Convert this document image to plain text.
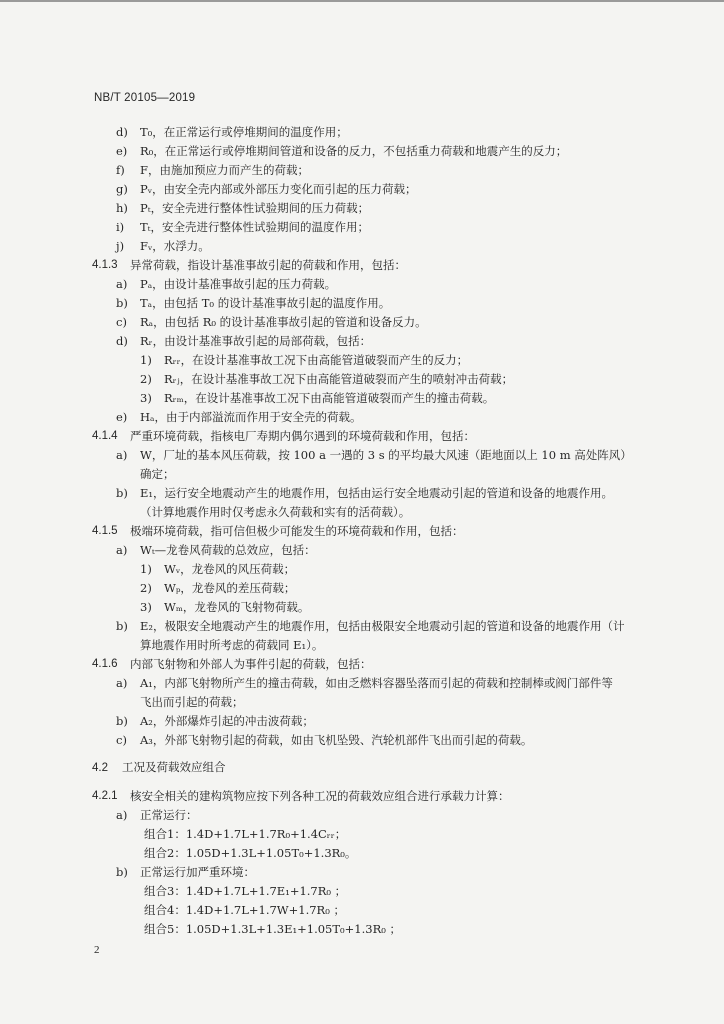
NB/T 20105—2019
d) T₀，在正常运行或停堆期间的温度作用；
e) R₀，在正常运行或停堆期间管道和设备的反力，不包括重力荷载和地震产生的反力；
f) F，由施加预应力而产生的荷载；
g) Pᵥ，由安全壳内部或外部压力变化而引起的压力荷载；
h) Pₜ，安全壳进行整体性试验期间的压力荷载；
i) Tₜ，安全壳进行整体性试验期间的温度作用；
j) Fᵥ，水浮力。
4.1.3 异常荷载，指设计基准事故引起的荷载和作用，包括：
a) Pₐ，由设计基准事故引起的压力荷载。
b) Tₐ，由包括 T₀ 的设计基准事故引起的温度作用。
c) Rₐ，由包括 R₀ 的设计基准事故引起的管道和设备反力。
d) Rᵣ，由设计基准事故引起的局部荷载，包括：
1) Rᵣᵣ，在设计基准事故工况下由高能管道破裂而产生的反力；
2) Rᵣⱼ，在设计基准事故工况下由高能管道破裂而产生的喷射冲击荷载；
3) Rᵣₘ，在设计基准事故工况下由高能管道破裂而产生的撞击荷载。
e) Hₐ，由于内部溢流而作用于安全壳的荷载。
4.1.4 严重环境荷载，指核电厂寿期内偶尔遇到的环境荷载和作用，包括：
a) W，厂址的基本风压荷载，按 100 a 一遇的 3 s 的平均最大风速（距地面以上 10 m 高处阵风）
确定；
b) E₁，运行安全地震动产生的地震作用，包括由运行安全地震动引起的管道和设备的地震作用。
（计算地震作用时仅考虑永久荷载和实有的活荷载）。
4.1.5 极端环境荷载，指可信但极少可能发生的环境荷载和作用，包括：
a) Wₜ—龙卷风荷载的总效应，包括：
1) Wᵥ，龙卷风的风压荷载；
2) Wₚ，龙卷风的差压荷载；
3) Wₘ，龙卷风的飞射物荷载。
b) E₂，极限安全地震动产生的地震作用，包括由极限安全地震动引起的管道和设备的地震作用（计
算地震作用时所考虑的荷载同 E₁）。
4.1.6 内部飞射物和外部人为事件引起的荷载，包括：
a) A₁，内部飞射物所产生的撞击荷载，如由乏燃料容器坠落而引起的荷载和控制棒或阀门部件等
飞出而引起的荷载；
b) A₂，外部爆炸引起的冲击波荷载；
c) A₃，外部飞射物引起的荷载，如由飞机坠毁、汽轮机部件飞出而引起的荷载。
4.2 工况及荷载效应组合
4.2.1 核安全相关的建构筑物应按下列各种工况的荷载效应组合进行承载力计算：
a) 正常运行：
组合1：1.4D+1.7L+1.7R₀+1.4Cᵣᵣ；
组合2：1.05D+1.3L+1.05T₀+1.3R₀。
b) 正常运行加严重环境：
组合3：1.4D+1.7L+1.7E₁+1.7R₀ ；
组合4：1.4D+1.7L+1.7W+1.7R₀ ；
组合5：1.05D+1.3L+1.3E₁+1.05T₀+1.3R₀ ；
2
